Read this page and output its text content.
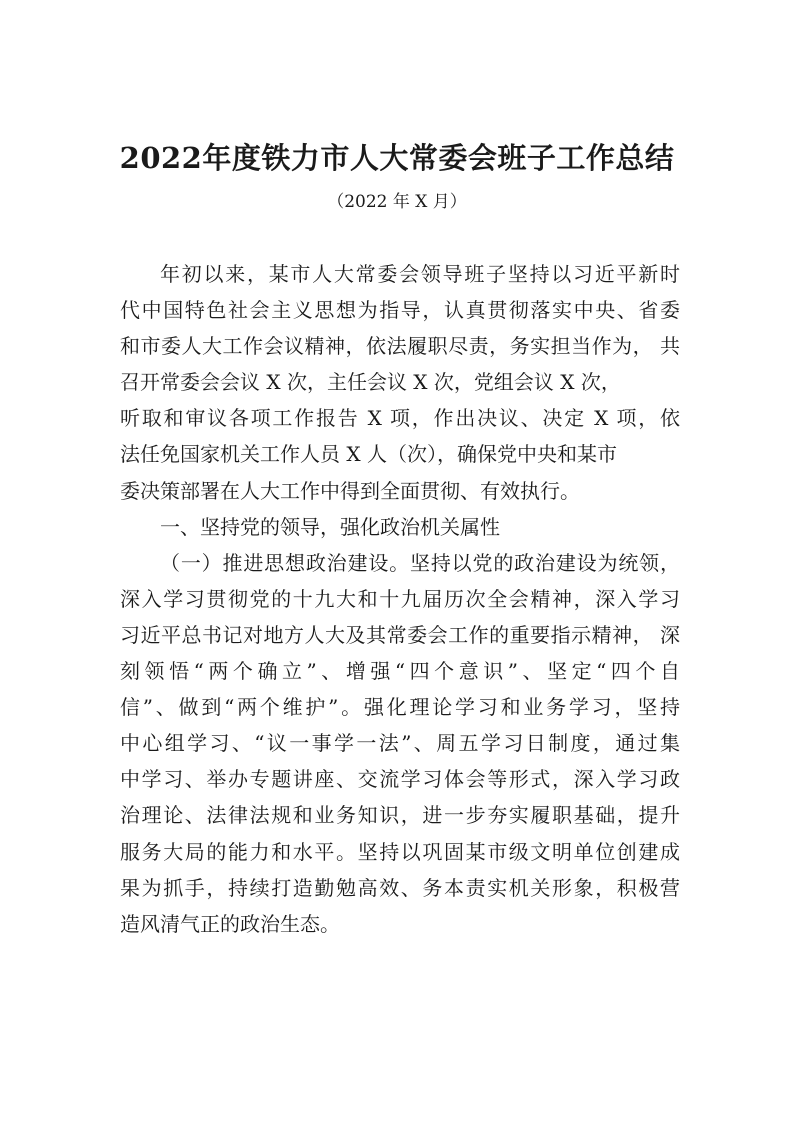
2022年度铁力市人大常委会班子工作总结
（2022 年 X 月）
年初以来，某市人大常委会领导班子坚持以习近平新时
代中国特色社会主义思想为指导，认真贯彻落实中央、省委
和市委人大工作会议精神，依法履职尽责，务实担当作为， 共
召开常委会会议 X 次，主任会议 X 次，党组会议 X 次，
听取和审议各项工作报告 X 项，作出决议、决定 X 项，依
法任免国家机关工作人员 X 人（次），确保党中央和某市
委决策部署在人大工作中得到全面贯彻、有效执行。
一、坚持党的领导，强化政治机关属性
（一）推进思想政治建设。坚持以党的政治建设为统领，
深入学习贯彻党的十九大和十九届历次全会精神，深入学习
习近平总书记对地方人大及其常委会工作的重要指示精神， 深
刻领悟“两个确立”、增强“四个意识”、坚定“四个自
信”、做到“两个维护”。强化理论学习和业务学习，坚持
中心组学习、“议一事学一法”、周五学习日制度，通过集
中学习、举办专题讲座、交流学习体会等形式，深入学习政
治理论、法律法规和业务知识，进一步夯实履职基础，提升
服务大局的能力和水平。坚持以巩固某市级文明单位创建成
果为抓手，持续打造勤勉高效、务本责实机关形象，积极营
造风清气正的政治生态。
